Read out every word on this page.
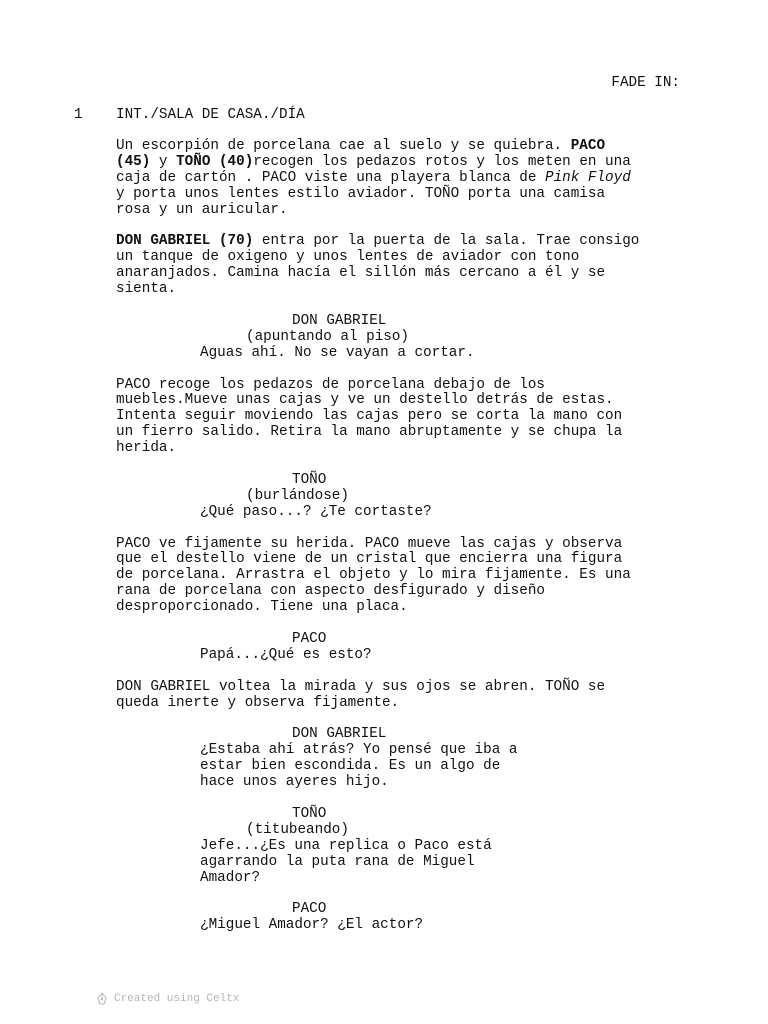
FADE IN:
1 INT./SALA DE CASA./DÍA
Un escorpión de porcelana cae al suelo y se quiebra. PACO
(45) y TOÑO (40)recogen los pedazos rotos y los meten en una
caja de cartón . PACO viste una playera blanca de Pink Floyd
y porta unos lentes estilo aviador. TOÑO porta una camisa
rosa y un auricular.
DON GABRIEL (70) entra por la puerta de la sala. Trae consigo
un tanque de oxigeno y unos lentes de aviador con tono
anaranjados. Camina hacía el sillón más cercano a él y se
sienta.
DON GABRIEL
(apuntando al piso)
Aguas ahí. No se vayan a cortar.
PACO recoge los pedazos de porcelana debajo de los
muebles.Mueve unas cajas y ve un destello detrás de estas.
Intenta seguir moviendo las cajas pero se corta la mano con
un fierro salido. Retira la mano abruptamente y se chupa la
herida.
TOÑO
(burlándose)
¿Qué paso...? ¿Te cortaste?
PACO ve fijamente su herida. PACO mueve las cajas y observa
que el destello viene de un cristal que encierra una figura
de porcelana. Arrastra el objeto y lo mira fijamente. Es una
rana de porcelana con aspecto desfigurado y diseño
desproporcionado. Tiene una placa.
PACO
Papá...¿Qué es esto?
DON GABRIEL voltea la mirada y sus ojos se abren. TOÑO se
queda inerte y observa fijamente.
DON GABRIEL
¿Estaba ahí atrás? Yo pensé que iba a
estar bien escondida. Es un algo de
hace unos ayeres hijo.
TOÑO
(titubeando)
Jefe...¿Es una replica o Paco está
agarrando la puta rana de Miguel
Amador?
PACO
¿Miguel Amador? ¿El actor?
Created using Celtx
